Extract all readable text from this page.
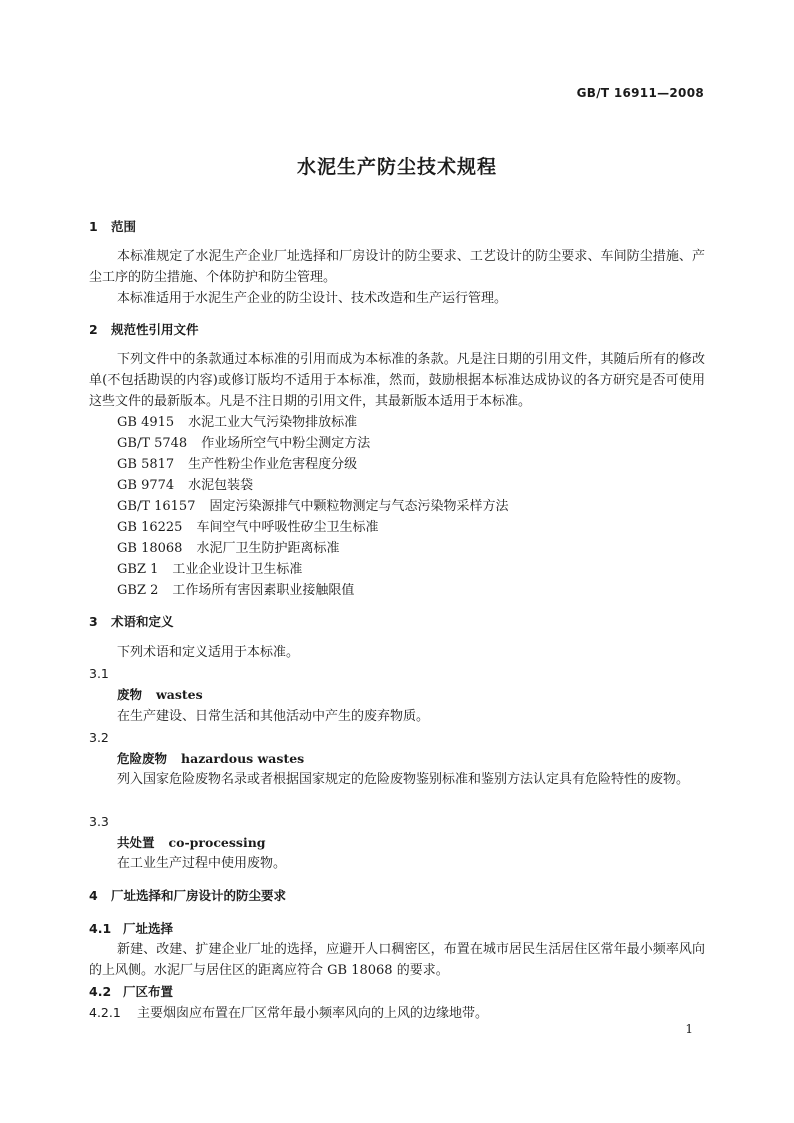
GB/T 16911—2008
水泥生产防尘技术规程
1 范围
本标准规定了水泥生产企业厂址选择和厂房设计的防尘要求、工艺设计的防尘要求、车间防尘措施、产尘工序的防尘措施、个体防护和防尘管理。
本标准适用于水泥生产企业的防尘设计、技术改造和生产运行管理。
2 规范性引用文件
下列文件中的条款通过本标准的引用而成为本标准的条款。凡是注日期的引用文件，其随后所有的修改单(不包括勘误的内容)或修订版均不适用于本标准，然而，鼓励根据本标准达成协议的各方研究是否可使用这些文件的最新版本。凡是不注日期的引用文件，其最新版本适用于本标准。
GB 4915 水泥工业大气污染物排放标准
GB/T 5748 作业场所空气中粉尘测定方法
GB 5817 生产性粉尘作业危害程度分级
GB 9774 水泥包装袋
GB/T 16157 固定污染源排气中颗粒物测定与气态污染物采样方法
GB 16225 车间空气中呼吸性矽尘卫生标准
GB 18068 水泥厂卫生防护距离标准
GBZ 1 工业企业设计卫生标准
GBZ 2 工作场所有害因素职业接触限值
3 术语和定义
下列术语和定义适用于本标准。
3.1
废物 wastes
在生产建设、日常生活和其他活动中产生的废弃物质。
3.2
危险废物 hazardous wastes
列入国家危险废物名录或者根据国家规定的危险废物鉴别标准和鉴别方法认定具有危险特性的废物。
3.3
共处置 co-processing
在工业生产过程中使用废物。
4 厂址选择和厂房设计的防尘要求
4.1 厂址选择
新建、改建、扩建企业厂址的选择，应避开人口稠密区，布置在城市居民生活居住区常年最小频率风向的上风侧。水泥厂与居住区的距离应符合 GB 18068 的要求。
4.2 厂区布置
4.2.1 主要烟囱应布置在厂区常年最小频率风向的上风的边缘地带。
1
